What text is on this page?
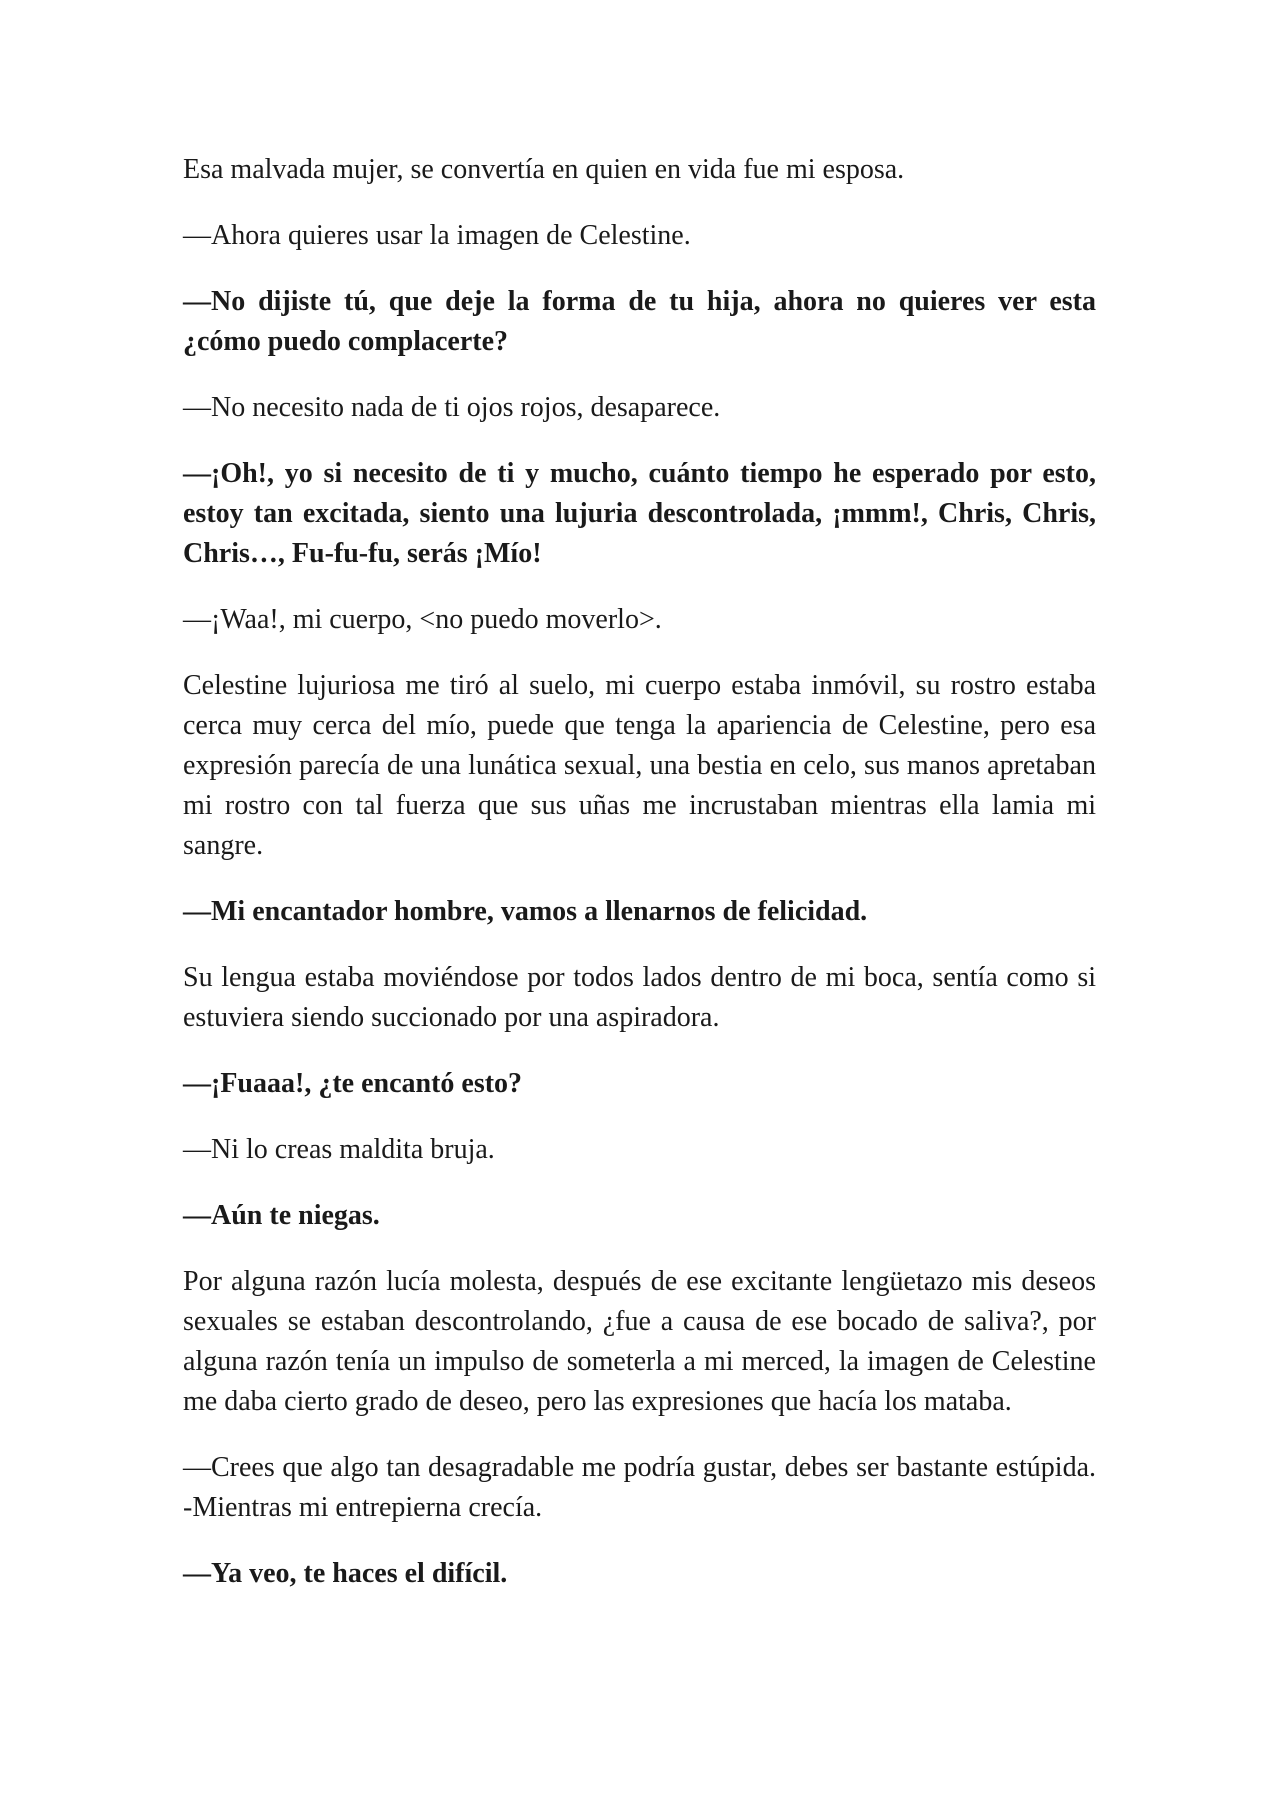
Esa malvada mujer, se convertía en quien en vida fue mi esposa.

—Ahora quieres usar la imagen de Celestine.

—No dijiste tú, que deje la forma de tu hija, ahora no quieres ver esta ¿cómo puedo complacerte?

—No necesito nada de ti ojos rojos, desaparece.

—¡Oh!, yo si necesito de ti y mucho, cuánto tiempo he esperado por esto, estoy tan excitada, siento una lujuria descontrolada, ¡mmm!, Chris, Chris, Chris…, Fu-fu-fu, serás ¡Mío!

—¡Waa!, mi cuerpo, <no puedo moverlo>.

Celestine lujuriosa me tiró al suelo, mi cuerpo estaba inmóvil, su rostro estaba cerca muy cerca del mío, puede que tenga la apariencia de Celestine, pero esa expresión parecía de una lunática sexual, una bestia en celo, sus manos apretaban mi rostro con tal fuerza que sus uñas me incrustaban mientras ella lamia mi sangre.

—Mi encantador hombre, vamos a llenarnos de felicidad.

Su lengua estaba moviéndose por todos lados dentro de mi boca, sentía como si estuviera siendo succionado por una aspiradora.

—¡Fuaaa!, ¿te encantó esto?

—Ni lo creas maldita bruja.

—Aún te niegas.

Por alguna razón lucía molesta, después de ese excitante lengüetazo mis deseos sexuales se estaban descontrolando, ¿fue a causa de ese bocado de saliva?, por alguna razón tenía un impulso de someterla a mi merced, la imagen de Celestine me daba cierto grado de deseo, pero las expresiones que hacía los mataba.

—Crees que algo tan desagradable me podría gustar, debes ser bastante estúpida. -Mientras mi entrepierna crecía.

—Ya veo, te haces el difícil.
